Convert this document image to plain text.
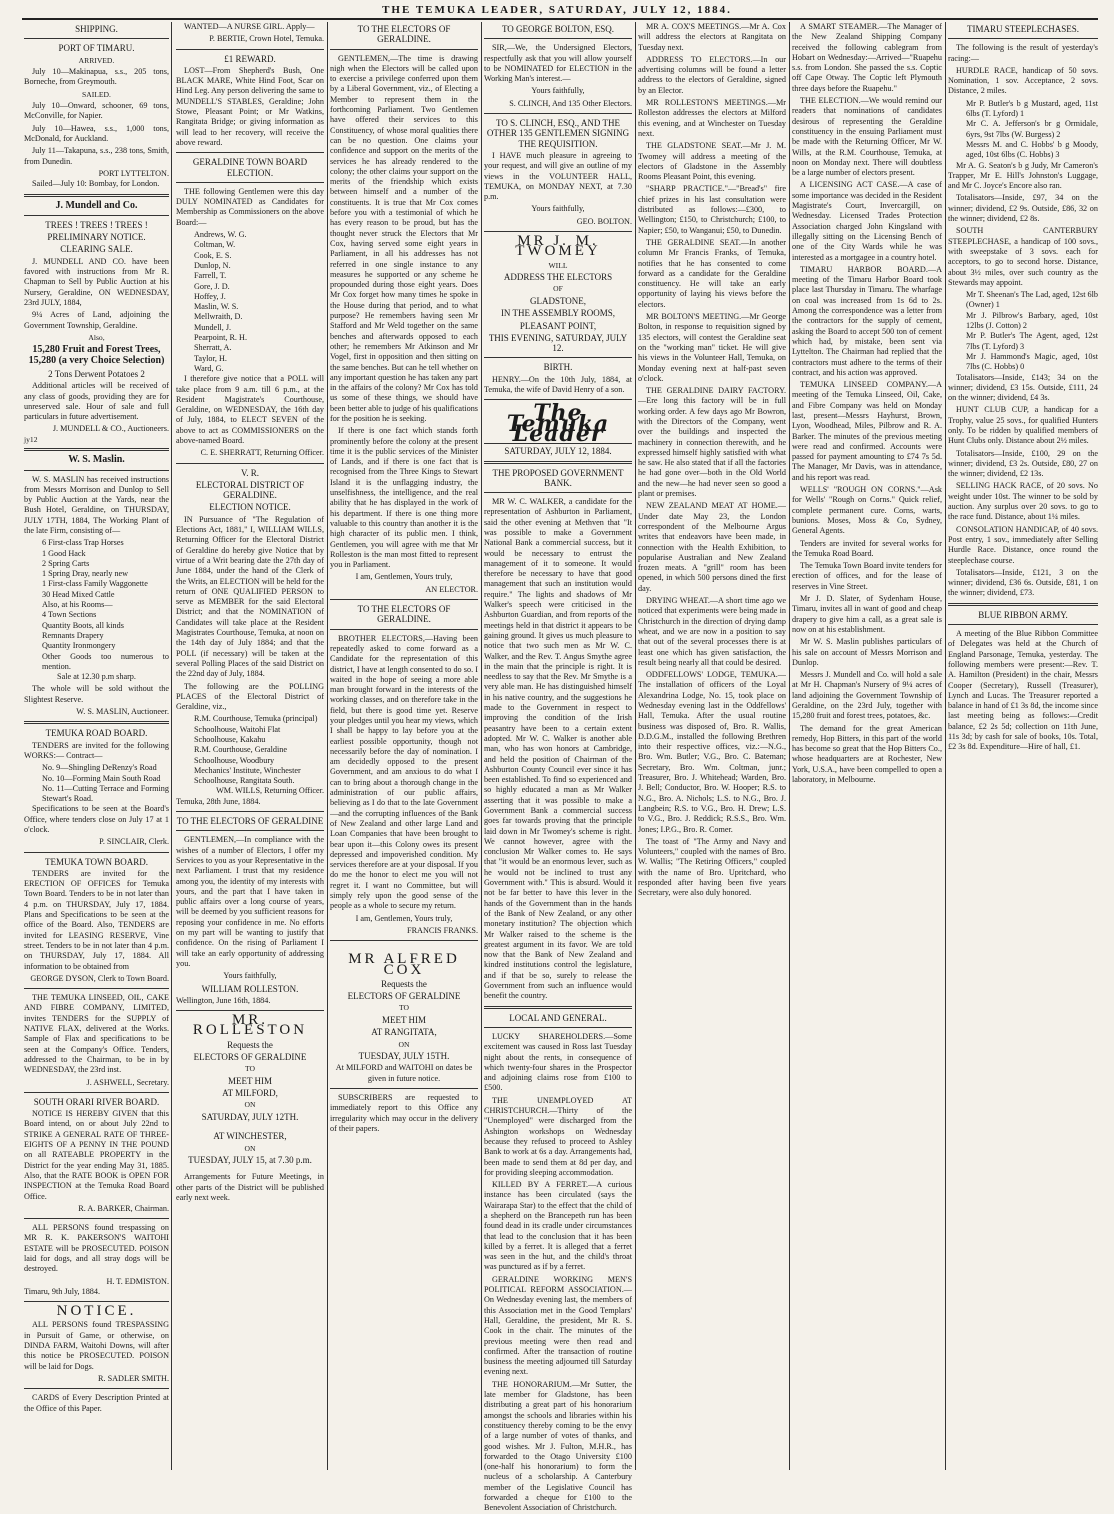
THE TEMUKA LEADER, SATURDAY, JULY 12, 1884.
SHIPPING.
PORT OF TIMARU.
ARRIVED.

July 10—Makinapua, s.s., 205 tons, Borneche, from Greymouth.

SAILED.

July 10—Onward, schooner, 69 tons, McConville, for Napier.

July 10—Hawea, s.s., 1,000 tons, McDonald, for Auckland.

July 11—Takapuna, s.s., 238 tons, Smith, from Dunedin.

PORT LYTTELTON.

Sailed—July 10: Bombay, for London.

J. Mundell and Co.
TREES ! TREES ! TREES !
PRELIMINARY NOTICE.
CLEARING SALE.

J. MUNDELL AND CO. have been favored with instructions from Mr R. Chapman to Sell by Public Auction at his Nursery, Geraldine, ON WEDNESDAY, 23rd JULY, 1884,

9¼ Acres of Land, adjoining the Government Township, Geraldine.

Also,
15,280 Fruit and Forest Trees, 15,280 (a very Choice Selection)
2 Tons Derwent Potatoes 2

Additional articles will be received of any class of goods, providing they are for unreserved sale. Hour of sale and full particulars in future advertisement.

J. MUNDELL & CO., Auctioneers.
jy12
W. S. Maslin.

W. S. MASLIN has received instructions from Messrs Morrison and Dunlop to Sell by Public Auction at the Yards, near the Bush Hotel, Geraldine, on THURSDAY, JULY 17TH, 1884, The Working Plant of the late Firm, consisting of—

6 First-class Trap Horses

1 Good Hack

2 Spring Carts

1 Spring Dray, nearly new

1 First-class Family Waggonette

30 Head Mixed Cattle

Also, at his Rooms—

4 Town Sections

Quantity Boots, all kinds

Remnants Drapery

Quantity Ironmongery

Other Goods too numerous to mention.

Sale at 12.30 p.m sharp.

The whole will be sold without the Slightest Reserve.

W. S. MASLIN, Auctioneer.
TEMUKA ROAD BOARD.

TENDERS are invited for the following WORKS:— Contract—

No. 9—Shingling DeRenzy's Road

No. 10—Forming Main South Road

No. 11—Cutting Terrace and Forming Stewart's Road.

Specifications to be seen at the Board's Office, where tenders close on July 17 at 1 o'clock.

P. SINCLAIR, Clerk.
TEMUKA TOWN BOARD.

TENDERS are invited for the ERECTION OF OFFICES for Temuka Town Board. Tenders to be in not later than 4 p.m. on THURSDAY, July 17, 1884. Plans and Specifications to be seen at the office of the Board. Also, TENDERS are invited for LEASING RESERVE, Vine street. Tenders to be in not later than 4 p.m. on THURSDAY, July 17, 1884. All information to be obtained from

GEORGE DYSON, Clerk to Town Board.

THE TEMUKA LINSEED, OIL, CAKE AND FIBRE COMPANY, LIMITED, invites TENDERS for the SUPPLY of NATIVE FLAX, delivered at the Works. Sample of Flax and specifications to be seen at the Company's Office. Tenders, addressed to the Chairman, to be in by WEDNESDAY, the 23rd inst.

J. ASHWELL, Secretary.
SOUTH ORARI RIVER BOARD.

NOTICE IS HEREBY GIVEN that this Board intend, on or about July 22nd to STRIKE A GENERAL RATE OF THREE-EIGHTS OF A PENNY IN THE POUND on all RATEABLE PROPERTY in the District for the year ending May 31, 1885. Also, that the RATE BOOK is OPEN FOR INSPECTION at the Temuka Road Board Office.

R. A. BARKER, Chairman.

ALL PERSONS found trespassing on MR R. K. PAKERSON'S WAITOHI ESTATE will be PROSECUTED. POISON laid for dogs, and all stray dogs will be destroyed.

H. T. EDMISTON.
Timaru, 9th July, 1884.
NOTICE.

ALL PERSONS found TRESPASSING in Pursuit of Game, or otherwise, on DINDA FARM, Waitohi Downs, will after this notice be PROSECUTED. POISON will be laid for Dogs.

R. SADLER SMITH.

CARDS of Every Description Printed at the Office of this Paper.

WANTED—A NURSE GIRL. Apply—

P. BERTIE, Crown Hotel, Temuka.
£1 REWARD.

LOST—From Shepherd's Bush, One BLACK MARE, White Hind Foot, Scar on Hind Leg. Any person delivering the same to MUNDELL'S STABLES, Geraldine; John Stowe, Pleasant Point; or Mr Watkins, Rangitata Bridge; or giving information as will lead to her recovery, will receive the above reward.

GERALDINE TOWN BOARD ELECTION.

THE following Gentlemen were this day DULY NOMINATED as Candidates for Membership as Commissioners on the above Board:—

Andrews, W. G.

Coltman, W.

Cook, E. S.

Dunlop, N.

Farrell, T.

Gore, J. D.

Hoffey, J.

Maslin, W. S.

Mellwraith, D.

Mundell, J.

Pearpoint, R. H.

Sherratt, A.

Taylor, H.

Ward, G.

I therefore give notice that a POLL will take place from 9 a.m. till 6 p.m., at the Resident Magistrate's Courthouse, Geraldine, on WEDNESDAY, the 16th day of July, 1884, to ELECT SEVEN of the above to act as COMMISSIONERS on the above-named Board.

C. E. SHERRATT, Returning Officer.
V. R.
ELECTORAL DISTRICT OF GERALDINE.
ELECTION NOTICE.

IN Pursuance of "The Regulation of Elections Act, 1881," I, WILLIAM WILLS, Returning Officer for the Electoral District of Geraldine do hereby give Notice that by virtue of a Writ bearing date the 27th day of June 1884, under the hand of the Clerk of the Writs, an ELECTION will be held for the return of ONE QUALIFIED PERSON to serve as MEMBER for the said Electoral District; and that the NOMINATION of Candidates will take place at the Resident Magistrates Courthouse, Temuka, at noon on the 14th day of July 1884; and that the POLL (if necessary) will be taken at the several Polling Places of the said District on the 22nd day of July, 1884.

The following are the POLLING PLACES of the Electoral District of Geraldine, viz.,

R.M. Courthouse, Temuka (principal)

Schoolhouse, Waitohi Flat

Schoolhouse, Kakahu

R.M. Courthouse, Geraldine

Schoolhouse, Woodbury

Mechanics' Institute, Winchester

Schoolhouse, Rangitata South.

WM. WILLS, Returning Officer.
Temuka, 28th June, 1884.
TO THE ELECTORS OF GERALDINE

GENTLEMEN,—In compliance with the wishes of a number of Electors, I offer my Services to you as your Representative in the next Parliament. I trust that my residence among you, the identity of my interests with yours, and the part that I have taken in public affairs over a long course of years, will be deemed by you sufficient reasons for reposing your confidence in me. No efforts on my part will be wanting to justify that confidence. On the rising of Parliament I will take an early opportunity of addressing you.

Yours faithfully,

WILLIAM ROLLESTON.
Wellington, June 16th, 1884.
MR. ROLLESTON
Requests the
ELECTORS OF GERALDINE
TO
MEET HIM
AT MILFORD,
ON
SATURDAY, JULY 12TH.
AT WINCHESTER,
ON
TUESDAY, JULY 15, at 7.30 p.m.

Arrangements for Future Meetings, in other parts of the District will be published early next week.

TO THE ELECTORS OF GERALDINE.

GENTLEMEN,—The time is drawing nigh when the Electors will be called upon to exercise a privilege conferred upon them by a Liberal Government, viz., of Electing a Member to represent them in the forthcoming Parliament. Two Gentlemen have offered their services to this Constituency, of whose moral qualities there can be no question. One claims your confidence and support on the merits of the services he has already rendered to the colony; the other claims your support on the merits of the friendship which exists between himself and a number of the constituents. It is true that Mr Cox comes before you with a testimonial of which he has every reason to be proud, but has the thought never struck the Electors that Mr Cox, having served some eight years in Parliament, in all his addresses has not referred in one single instance to any measures he supported or any scheme he propounded during those eight years. Does Mr Cox forget how many times he spoke in the House during that period, and to what purpose? He remembers having seen Mr Stafford and Mr Weld together on the same benches and afterwards opposed to each other; he remembers Mr Atkinson and Mr Vogel, first in opposition and then sitting on the same benches. But can he tell whether on any important question he has taken any part in the affairs of the colony? Mr Cox has told us some of these things, we should have been better able to judge of his qualifications for the position he is seeking.

If there is one fact which stands forth prominently before the colony at the present time it is the public services of the Minister of Lands, and if there is one fact that is recognised from the Three Kings to Stewart Island it is the unflagging industry, the unselfishness, the intelligence, and the real ability that he has displayed in the work of his department. If there is one thing more valuable to this country than another it is the high character of its public men. I think, Gentlemen, you will agree with me that Mr Rolleston is the man most fitted to represent you in Parliament.

I am, Gentlemen, Yours truly,

AN ELECTOR.
TO THE ELECTORS OF GERALDINE.

BROTHER ELECTORS,—Having been repeatedly asked to come forward as a Candidate for the representation of this district, I have at length consented to do so. I waited in the hope of seeing a more able man brought forward in the interests of the working classes, and on therefore take in the field, but there is good time yet. Reserve your pledges until you hear my views, which I shall be happy to lay before you at the earliest possible opportunity, though not necessarily before the day of nomination. I am decidedly opposed to the present Government, and am anxious to do what I can to bring about a thorough change in the administration of our public affairs, believing as I do that to the late Government—and the corrupting influences of the Bank of New Zealand and other large Land and Loan Companies that have been brought to bear upon it—this Colony owes its present depressed and impoverished condition. My services therefore are at your disposal. If you do me the honor to elect me you will not regret it. I want no Committee, but will simply rely upon the good sense of the people as a whole to secure my return.

I am, Gentlemen, Yours truly,

FRANCIS FRANKS.
MR ALFRED COX
Requests the
ELECTORS OF GERALDINE
TO
MEET HIM
AT RANGITATA,
ON
TUESDAY, JULY 15TH.

At MILFORD and WAITOHI on dates be given in future notice.

SUBSCRIBERS are requested to immediately report to this Office any irregularity which may occur in the delivery of their papers.

TO GEORGE BOLTON, ESQ.

SIR,—We, the Undersigned Electors, respectfully ask that you will allow yourself to be NOMINATED for ELECTION in the Working Man's interest.—

Yours faithfully,

S. CLINCH, And 135 Other Electors.
TO S. CLINCH, ESQ., AND THE OTHER 135 GENTLEMEN SIGNING THE REQUISITION.

I HAVE much pleasure in agreeing to your request, and will give an outline of my views in the VOLUNTEER HALL, TEMUKA, on MONDAY NEXT, at 7.30 p.m.

Yours faithfully,

GEO. BOLTON.
MR J. M. TWOMEY
WILL
ADDRESS THE ELECTORS
OF
GLADSTONE,
IN THE ASSEMBLY ROOMS,
PLEASANT POINT,
THIS EVENING, SATURDAY, JULY 12.
BIRTH.

HENRY.—On the 10th July, 1884, at Temuka, the wife of David Henry of a son.

The Temuka Leader
SATURDAY, JULY 12, 1884.
THE PROPOSED GOVERNMENT BANK.

MR W. C. WALKER, a candidate for the representation of Ashburton in Parliament, said the other evening at Methven that "It was possible to make a Government National Bank a commercial success, but it would be necessary to entrust the management of it to someone. It would therefore be necessary to have that good management that such an institution would require." The lights and shadows of Mr Walker's speech were criticised in the Ashburton Guardian, and from reports of the meetings held in that district it appears to be gaining ground. It gives us much pleasure to notice that two such men as Mr W. C. Walker, and the Rev. T. Angus Smythe agree in the main that the principle is right. It is needless to say that the Rev. Mr Smythe is a very able man. He has distinguished himself in his native country, and the suggestions he made to the Government in respect to improving the condition of the Irish peasantry have been to a certain extent adopted. Mr W. C. Walker is another able man, who has won honors at Cambridge, and held the position of Chairman of the Ashburton County Council ever since it has been established. To find so experienced and so highly educated a man as Mr Walker asserting that it was possible to make a Government Bank a commercial success goes far towards proving that the principle laid down in Mr Twomey's scheme is right. We cannot however, agree with the conclusion Mr Walker comes to. He says that "it would be an enormous lever, such as he would not be inclined to trust any Government with." This is absurd. Would it not be far better to have this lever in the hands of the Government than in the hands of the Bank of New Zealand, or any other monetary institution? The objection which Mr Walker raised to the scheme is the greatest argument in its favor. We are told now that the Bank of New Zealand and kindred institutions control the legislature, and if that be so, surely to release the Government from such an influence would benefit the country.

LOCAL AND GENERAL.

LUCKY SHAREHOLDERS.—Some excitement was caused in Ross last Tuesday night about the rents, in consequence of which twenty-four shares in the Prospector and adjoining claims rose from £100 to £500.

THE UNEMPLOYED AT CHRISTCHURCH.—Thirty of the "Unemployed" were discharged from the Ashington workshops on Wednesday because they refused to proceed to Ashley Bank to work at 6s a day. Arrangements had, been made to send them at 8d per day, and for providing sleeping accommodation.

KILLED BY A FERRET.—A curious instance has been circulated (says the Wairarapa Star) to the effect that the child of a shepherd on the Brancepeth run has been found dead in its cradle under circumstances that lead to the conclusion that it has been killed by a ferret. It is alleged that a ferret was seen in the hut, and the child's throat was punctured as if by a ferret.

GERALDINE WORKING MEN'S POLITICAL REFORM ASSOCIATION.—On Wednesday evening last, the members of this Association met in the Good Templars' Hall, Geraldine, the president, Mr R. S. Cook in the chair. The minutes of the previous meeting were then read and confirmed. After the transaction of routine business the meeting adjourned till Saturday evening next.

THE HONORARIUM.—Mr Sutter, the late member for Gladstone, has been distributing a great part of his honorarium amongst the schools and libraries within his constituency thereby coming to be the envy of a large number of votes of thanks, and good wishes. Mr J. Fulton, M.H.R., has forwarded to the Otago University £100 (one-half his honorarium) to form the nucleus of a scholarship. A Canterbury member of the Legislative Council has forwarded a cheque for £100 to the Benevolent Association of Christchurch.

MR A. COX'S MEETINGS.—Mr A. Cox will address the electors at Rangitata on Tuesday next.

ADDRESS TO ELECTORS.—In our advertising columns will be found a letter address to the electors of Geraldine, signed by an Elector.

MR ROLLESTON'S MEETINGS.—Mr Rolleston addresses the electors at Milford this evening, and at Winchester on Tuesday next.

THE GLADSTONE SEAT.—Mr J. M. Twomey will address a meeting of the electors of Gladstone in the Assembly Rooms Pleasant Point, this evening.

"SHARP PRACTICE."—"Bread's" fire chief prizes in his last consultation were distributed as follows:—£300, to Wellington; £150, to Christchurch; £100, to Napier; £50, to Wanganui; £50, to Dunedin.

THE GERALDINE SEAT.—In another column Mr Francis Franks, of Temuka, notifies that he has consented to come forward as a candidate for the Geraldine constituency. He will take an early opportunity of laying his views before the electors.

MR BOLTON'S MEETING.—Mr George Bolton, in response to requisition signed by 135 electors, will contest the Geraldine seat on the "working man" ticket. He will give his views in the Volunteer Hall, Temuka, on Monday evening next at half-past seven o'clock.

THE GERALDINE DAIRY FACTORY.—Ere long this factory will be in full working order. A few days ago Mr Bowron, with the Directors of the Company, went over the buildings and inspected the machinery in connection therewith, and he expressed himself highly satisfied with what he saw. He also stated that if all the factories he had gone over—both in the Old World and the new—he had never seen so good a plant or premises.

NEW ZEALAND MEAT AT HOME.—Under date May 23, the London correspondent of the Melbourne Argus writes that endeavors have been made, in connection with the Health Exhibition, to popularise Australian and New Zealand frozen meats. A "grill" room has been opened, in which 500 persons dined the first day.

DRYING WHEAT.—A short time ago we noticed that experiments were being made in Christchurch in the direction of drying damp wheat, and we are now in a position to say that out of the several processes there is at least one which has given satisfaction, the result being nearly all that could be desired.

ODDFELLOWS' LODGE, TEMUKA.—The installation of officers of the Loyal Alexandrina Lodge, No. 15, took place on Wednesday evening last in the Oddfellows' Hall, Temuka. After the usual routine business was disposed of, Bro. R. Wallis, D.D.G.M., installed the following Brethren into their respective offices, viz.:—N.G., Bro. Wm. Butler; V.G., Bro. C. Bateman; Secretary, Bro. Wm. Coltman, junr.; Treasurer, Bro. J. Whitehead; Warden, Bro. J. Bell; Conductor, Bro. W. Hooper; R.S. to N.G., Bro. A. Nichols; L.S. to N.G., Bro. J. Langbein; R.S. to V.G., Bro. H. Drew; L.S. to V.G., Bro. J. Reddick; R.S.S., Bro. Wm. Jones; I.P.G., Bro. R. Comer.

The toast of "The Army and Navy and Volunteers," coupled with the names of Bro. W. Wallis; "The Retiring Officers," coupled with the name of Bro. Upritchard, who responded after having been five years Secretary, were also duly honored.

A SMART STEAMER.—The Manager of the New Zealand Shipping Company received the following cablegram from Hobart on Wednesday:—Arrived—"Ruapehu s.s. from London. She passed the s.s. Coptic off Cape Otway. The Coptic left Plymouth three days before the Ruapehu."

THE ELECTION.—We would remind our readers that nominations of candidates desirous of representing the Geraldine constituency in the ensuing Parliament must be made with the Returning Officer, Mr W. Wills, at the R.M. Courthouse, Temuka, at noon on Monday next. There will doubtless be a large number of electors present.

A LICENSING ACT CASE.—A case of some importance was decided in the Resident Magistrate's Court, Invercargill, on Wednesday. Licensed Trades Protection Association charged John Kingsland with illegally sitting on the Licensing Bench of one of the City Wards while he was interested as a mortgagee in a country hotel.

TIMARU HARBOR BOARD.—A meeting of the Timaru Harbor Board took place last Thursday in Timaru. The wharfage on coal was increased from 1s 6d to 2s. Among the correspondence was a letter from the contractors for the supply of cement, asking the Board to accept 500 ton of cement which had, by mistake, been sent via Lyttelton. The Chairman had replied that the contractors must adhere to the terms of their contract, and his action was approved.

TEMUKA LINSEED COMPANY.—A meeting of the Temuka Linseed, Oil, Cake, and Fibre Company was held on Monday last, present—Messrs Hayhurst, Brown, Lyon, Woodhead, Miles, Pilbrow and R. A. Barker. The minutes of the previous meeting were read and confirmed. Accounts were passed for payment amounting to £74 7s 5d. The Manager, Mr Davis, was in attendance, and his report was read.

WELLS' "ROUGH ON CORNS."—Ask for Wells' "Rough on Corns." Quick relief, complete permanent cure. Corns, warts, bunions. Moses, Moss & Co, Sydney, General Agents.

Tenders are invited for several works for the Temuka Road Board.

The Temuka Town Board invite tenders for erection of offices, and for the lease of reserves in Vine Street.

Mr J. D. Slater, of Sydenham House, Timaru, invites all in want of good and cheap drapery to give him a call, as a great sale is now on at his establishment.

Mr W. S. Maslin publishes particulars of his sale on account of Messrs Morrison and Dunlop.

Messrs J. Mundell and Co. will hold a sale at Mr H. Chapman's Nursery of 9¼ acres of land adjoining the Government Township of Geraldine, on the 23rd July, together with 15,280 fruit and forest trees, potatoes, &c.

The demand for the great American remedy, Hop Bitters, in this part of the world has become so great that the Hop Bitters Co., whose headquarters are at Rochester, New York, U.S.A., have been compelled to open a laboratory, in Melbourne.

TIMARU STEEPLECHASES.

The following is the result of yesterday's racing:—

HURDLE RACE, handicap of 50 sovs. Nomination, 1 sov. Acceptance, 2 sovs. Distance, 2 miles.

Mr P. Butler's b g Mustard, aged, 11st 6lbs (T. Lyford) 1

Mr C. A. Jefferson's br g Ormidale, 6yrs, 9st 7lbs (W. Burgess) 2

Messrs M. and C. Hobbs' b g Moody, aged, 10st 6lbs (C. Hobbs) 3

Mr A. G. Seaton's b g Judy, Mr Cameron's Trapper, Mr E. Hill's Johnston's Luggage, and Mr C. Joyce's Encore also ran.

Totalisators—Inside, £97, 34 on the winner; dividend, £2 9s. Outside, £86, 32 on the winner; dividend, £2 8s.

SOUTH CANTERBURY STEEPLECHASE, a handicap of 100 sovs., with sweepstake of 3 sovs. each for acceptors, to go to second horse. Distance, about 3½ miles, over such country as the Stewards may appoint.

Mr T. Sheenan's The Lad, aged, 12st 6lb (Owner) 1

Mr J. Pilbrow's Barbary, aged, 10st 12lbs (J. Cotton) 2

Mr P. Butler's The Agent, aged, 12st 7lbs (T. Lyford) 3

Mr J. Hammond's Magic, aged, 10st 7lbs (C. Hobbs) 0

Totalisators—Inside, £143; 34 on the winner; dividend, £3 15s. Outside, £111, 24 on the winner; dividend, £4 3s.

HUNT CLUB CUP, a handicap for a Trophy, value 25 sovs., for qualified Hunters only. To be ridden by qualified members of Hunt Clubs only. Distance about 2½ miles.

Totalisators—Inside, £100, 29 on the winner; dividend, £3 2s. Outside, £80, 27 on the winner; dividend, £2 13s.

SELLING HACK RACE, of 20 sovs. No weight under 10st. The winner to be sold by auction. Any surplus over 20 sovs. to go to the race fund. Distance, about 1¼ miles.

CONSOLATION HANDICAP, of 40 sovs. Post entry, 1 sov., immediately after Selling Hurdle Race. Distance, once round the steeplechase course.

Totalisators—Inside, £121, 3 on the winner; dividend, £36 6s. Outside, £81, 1 on the winner; dividend, £73.

BLUE RIBBON ARMY.

A meeting of the Blue Ribbon Committee of Delegates was held at the Church of England Parsonage, Temuka, yesterday. The following members were present:—Rev. T. A. Hamilton (President) in the chair, Messrs Cooper (Secretary), Russell (Treasurer), Lynch and Lucas. The Treasurer reported a balance in hand of £1 3s 8d, the income since last meeting being as follows:—Credit balance, £2 2s 5d; collection on 11th June, 11s 3d; by cash for sale of books, 10s. Total, £2 3s 8d. Expenditure—Hire of hall, £1.
